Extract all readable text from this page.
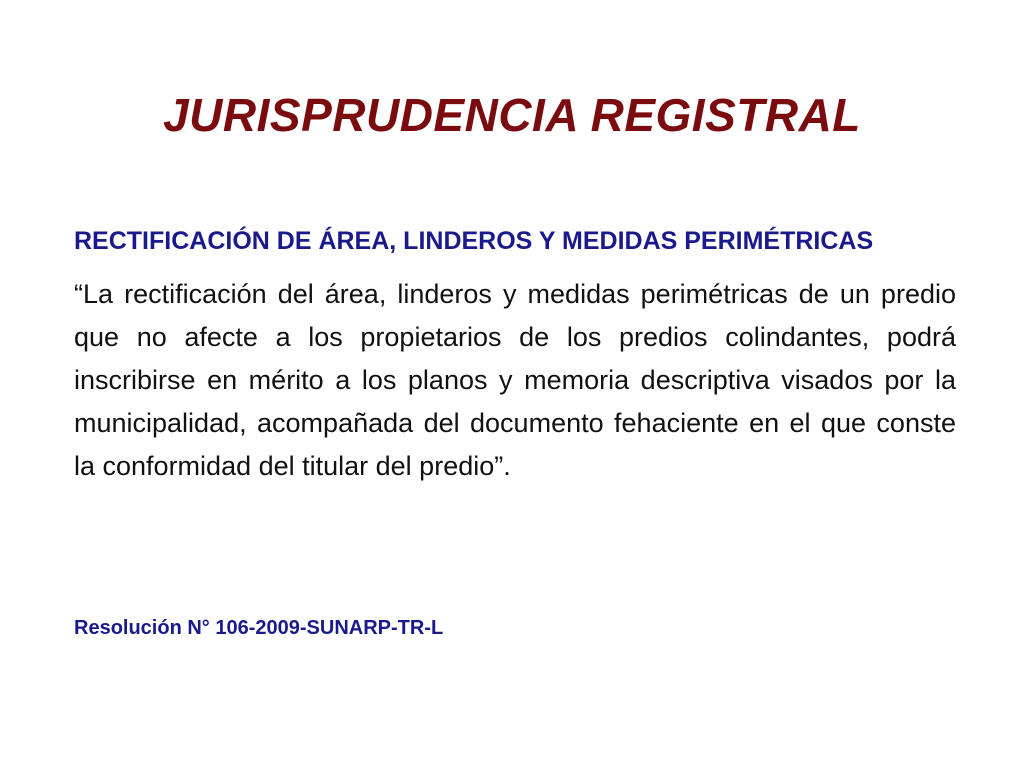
JURISPRUDENCIA REGISTRAL

RECTIFICACIÓN DE ÁREA, LINDEROS Y MEDIDAS PERIMÉTRICAS

“La rectificación del área, linderos y medidas perimétricas de un predio que no afecte a los propietarios de los predios colindantes, podrá inscribirse en mérito a los planos y memoria descriptiva visados por la municipalidad, acompañada del documento fehaciente en el que conste la conformidad del titular del predio”.

Resolución N° 106-2009-SUNARP-TR-L
